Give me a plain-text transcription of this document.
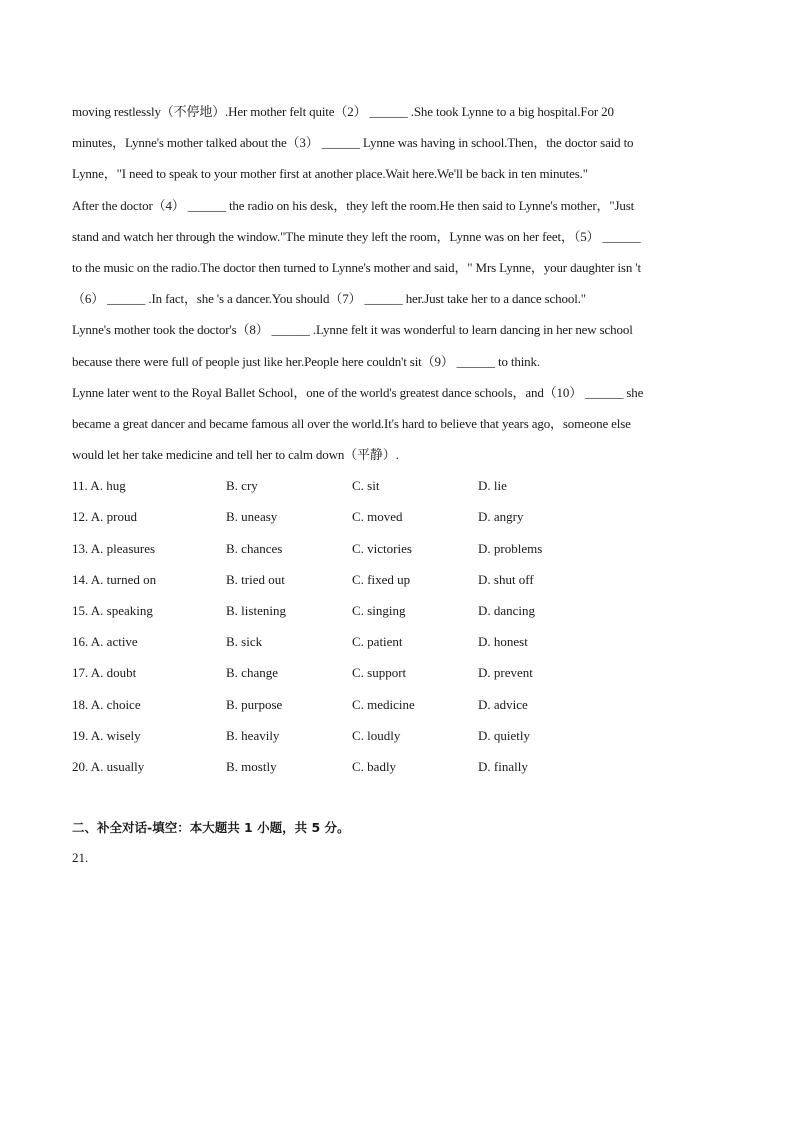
moving restlessly（不停地）.Her mother felt quite（2） ______ .She took Lynne to a big hospital.For 20
minutes，Lynne's mother talked about the（3） ______ Lynne was having in school.Then，the doctor said to
Lynne，"I need to speak to your mother first at another place.Wait here.We'll be back in ten minutes."
After the doctor（4） ______ the radio on his desk，they left the room.He then said to Lynne's mother，"Just
stand and watch her through the window."The minute they left the room，Lynne was on her feet，（5） ______
to the music on the radio.The doctor then turned to Lynne's mother and said，" Mrs Lynne，your daughter isn 't
（6） ______ .In fact，she 's a dancer.You should（7） ______ her.Just take her to a dance school."
Lynne's mother took the doctor's（8） ______ .Lynne felt it was wonderful to learn dancing in her new school
because there were full of people just like her.People here couldn't sit（9） ______ to think.
Lynne later went to the Royal Ballet School，one of the world's greatest dance schools，and（10） ______ she
became a great dancer and became famous all over the world.It's hard to believe that years ago，someone else
would let her take medicine and tell her to calm down（平静）.
11. A. hug	B. cry	C. sit	D. lie
12. A. proud	B. uneasy	C. moved	D. angry
13. A. pleasures	B. chances	C. victories	D. problems
14. A. turned on	B. tried out	C. fixed up	D. shut off
15. A. speaking	B. listening	C. singing	D. dancing
16. A. active	B. sick	C. patient	D. honest
17. A. doubt	B. change	C. support	D. prevent
18. A. choice	B. purpose	C. medicine	D. advice
19. A. wisely	B. heavily	C. loudly	D. quietly
20. A. usually	B. mostly	C. badly	D. finally
二、补全对话-填空：本大题共 1 小题，共 5 分。
21.
